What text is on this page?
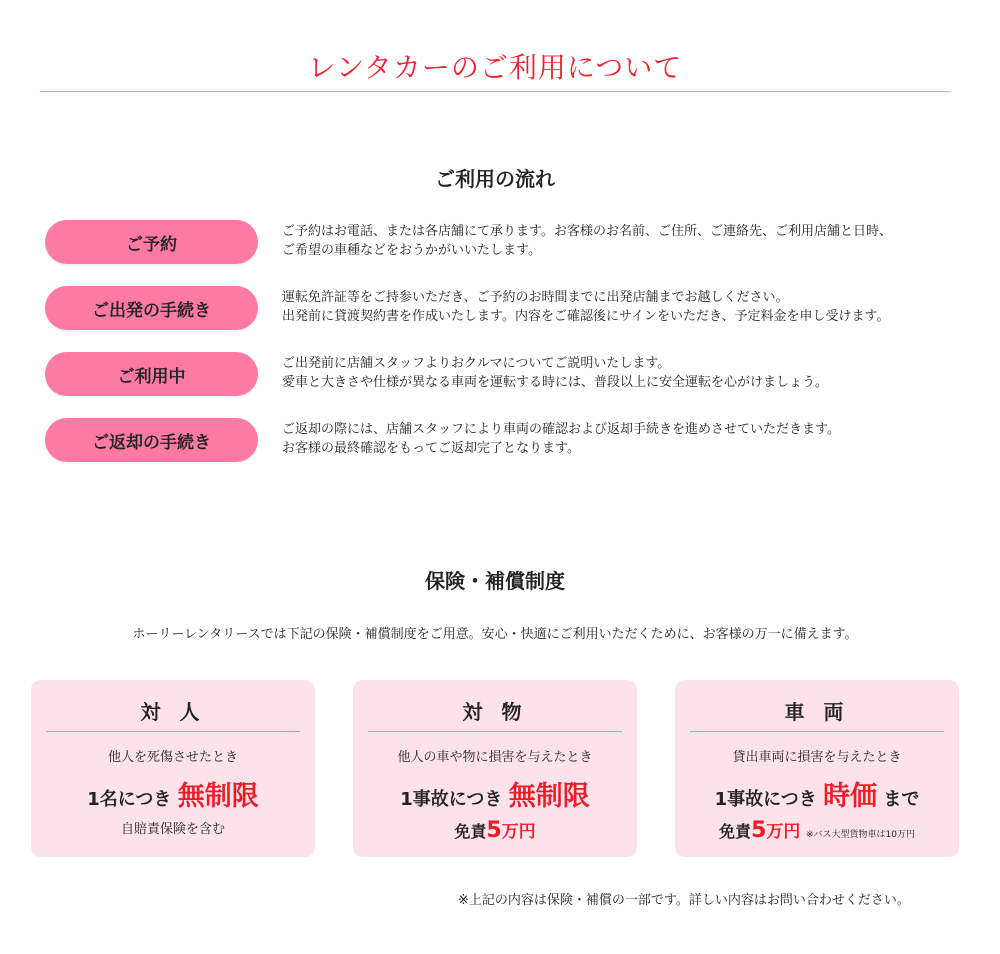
レンタカーのご利用について
ご利用の流れ
ご予約
ご予約はお電話、または各店舗にて承ります。お客様のお名前、ご住所、ご連絡先、ご利用店舗と日時、
ご希望の車種などをおうかがいいたします。
ご出発の手続き
運転免許証等をご持参いただき、ご予約のお時間までに出発店舗までお越しください。
出発前に貸渡契約書を作成いたします。内容をご確認後にサインをいただき、予定料金を申し受けます。
ご利用中
ご出発前に店舗スタッフよりおクルマについてご説明いたします。
愛車と大きさや仕様が異なる車両を運転する時には、普段以上に安全運転を心がけましょう。
ご返却の手続き
ご返却の際には、店舗スタッフにより車両の確認および返却手続きを進めさせていただきます。
お客様の最終確認をもってご返却完了となります。
保険・補償制度
ホーリーレンタリースでは下記の保険・補償制度をご用意。安心・快適にご利用いただくために、お客様の万一に備えます。
対 人
他人を死傷させたとき
1名につき 無制限
自賠責保険を含む
対 物
他人の車や物に損害を与えたとき
1事故につき 無制限
免責5万円
車 両
貸出車両に損害を与えたとき
1事故につき 時価 まで
免責5万円 ※バス大型貨物車は10万円
※上記の内容は保険・補償の一部です。詳しい内容はお問い合わせください。
